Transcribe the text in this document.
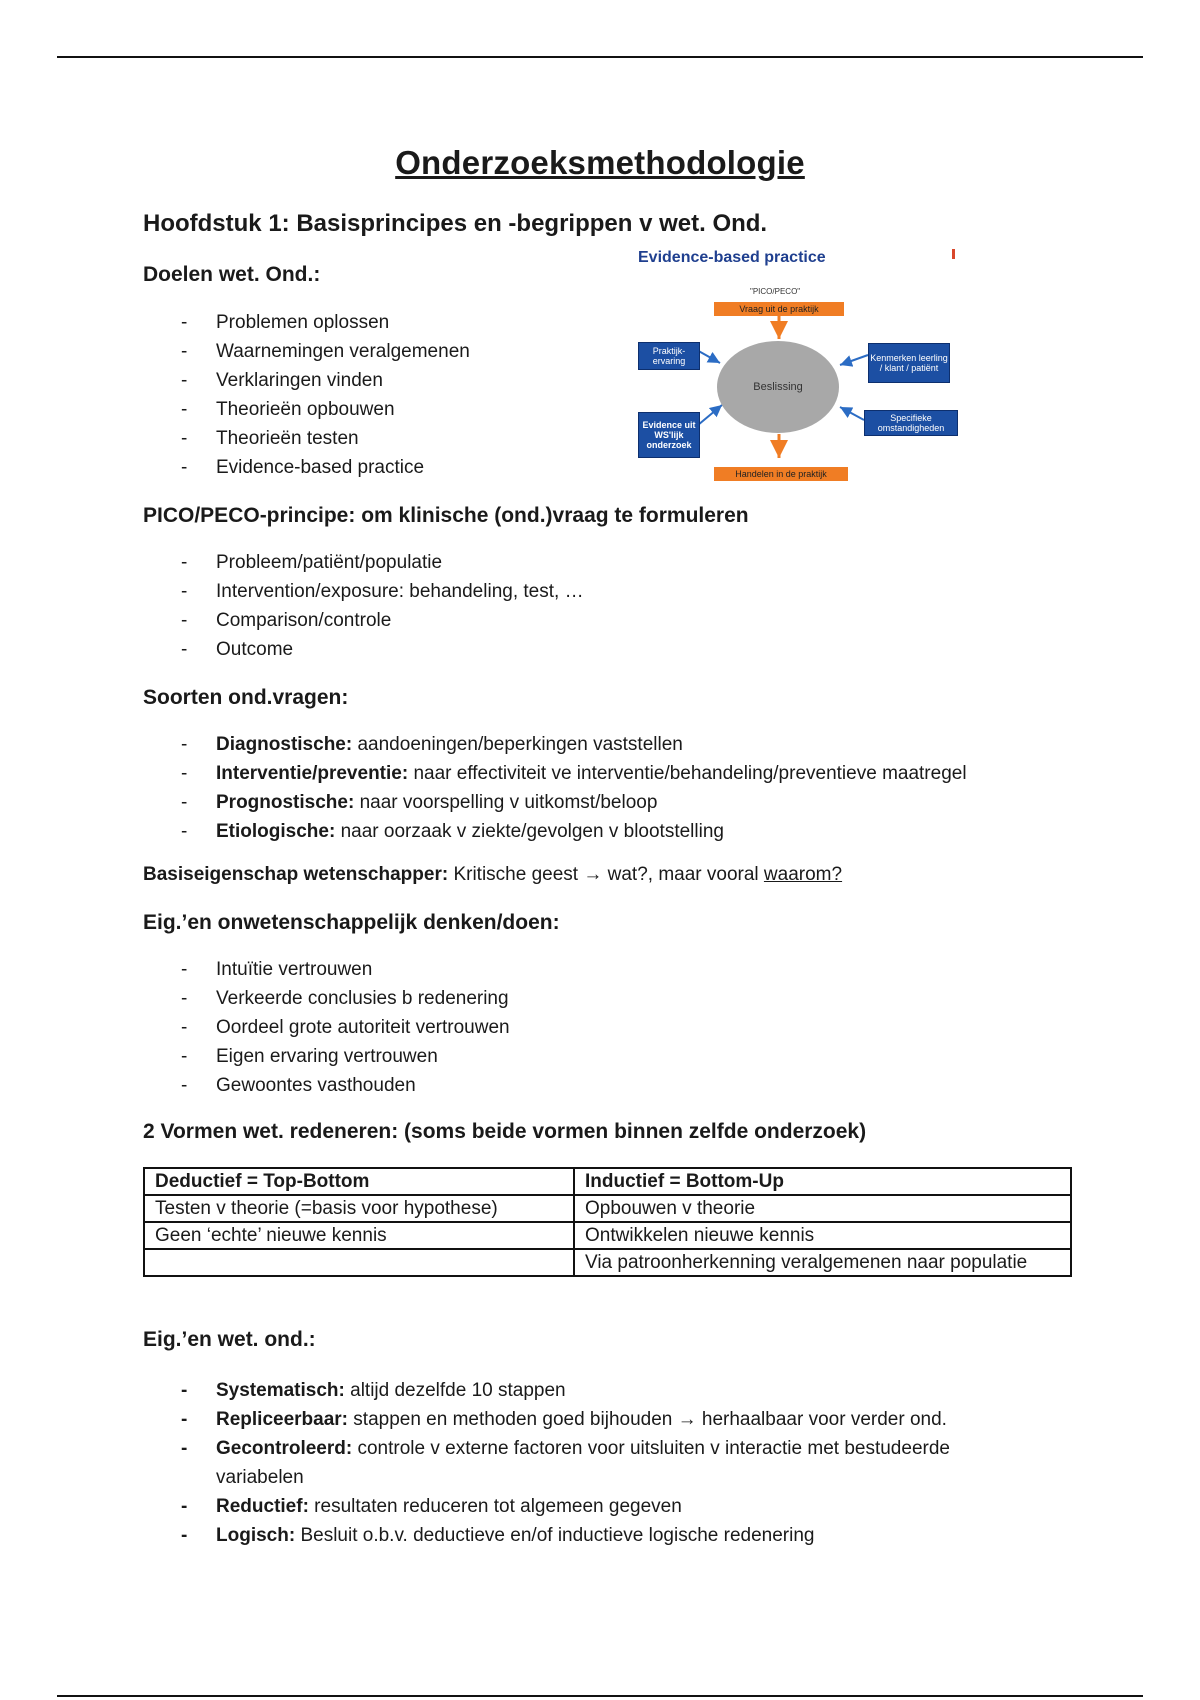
Onderzoeksmethodologie
Hoofdstuk 1: Basisprincipes en -begrippen v wet. Ond.
Doelen wet. Ond.:
- Problemen oplossen
- Waarnemingen veralgemenen
- Verklaringen vinden
- Theorieën opbouwen
- Theorieën testen
- Evidence-based practice
Evidence-based practice
"PICO/PECO"
Vraag uit de praktijk
Beslissing
Praktijk-ervaring
Evidence uit WS'lijk onderzoek
Kenmerken leerling / klant / patiënt
Specifieke omstandigheden
Handelen in de praktijk
PICO/PECO-principe: om klinische (ond.)vraag te formuleren
- Probleem/patiënt/populatie
- Intervention/exposure: behandeling, test, …
- Comparison/controle
- Outcome
Soorten ond.vragen:
- Diagnostische: aandoeningen/beperkingen vaststellen
- Interventie/preventie: naar effectiviteit ve interventie/behandeling/preventieve maatregel
- Prognostische: naar voorspelling v uitkomst/beloop
- Etiologische: naar oorzaak v ziekte/gevolgen v blootstelling
Basiseigenschap wetenschapper: Kritische geest → wat?, maar vooral waarom?
Eig.’en onwetenschappelijk denken/doen:
- Intuïtie vertrouwen
- Verkeerde conclusies b redenering
- Oordeel grote autoriteit vertrouwen
- Eigen ervaring vertrouwen
- Gewoontes vasthouden
2 Vormen wet. redeneren: (soms beide vormen binnen zelfde onderzoek)
Deductief = Top-Bottom	Inductief = Bottom-Up
Testen v theorie (=basis voor hypothese)	Opbouwen v theorie
Geen ‘echte’ nieuwe kennis	Ontwikkelen nieuwe kennis
	Via patroonherkenning veralgemenen naar populatie
Eig.’en wet. ond.:
- Systematisch: altijd dezelfde 10 stappen
- Repliceerbaar: stappen en methoden goed bijhouden → herhaalbaar voor verder ond.
- Gecontroleerd: controle v externe factoren voor uitsluiten v interactie met bestudeerde
variabelen
- Reductief: resultaten reduceren tot algemeen gegeven
- Logisch: Besluit o.b.v. deductieve en/of inductieve logische redenering
